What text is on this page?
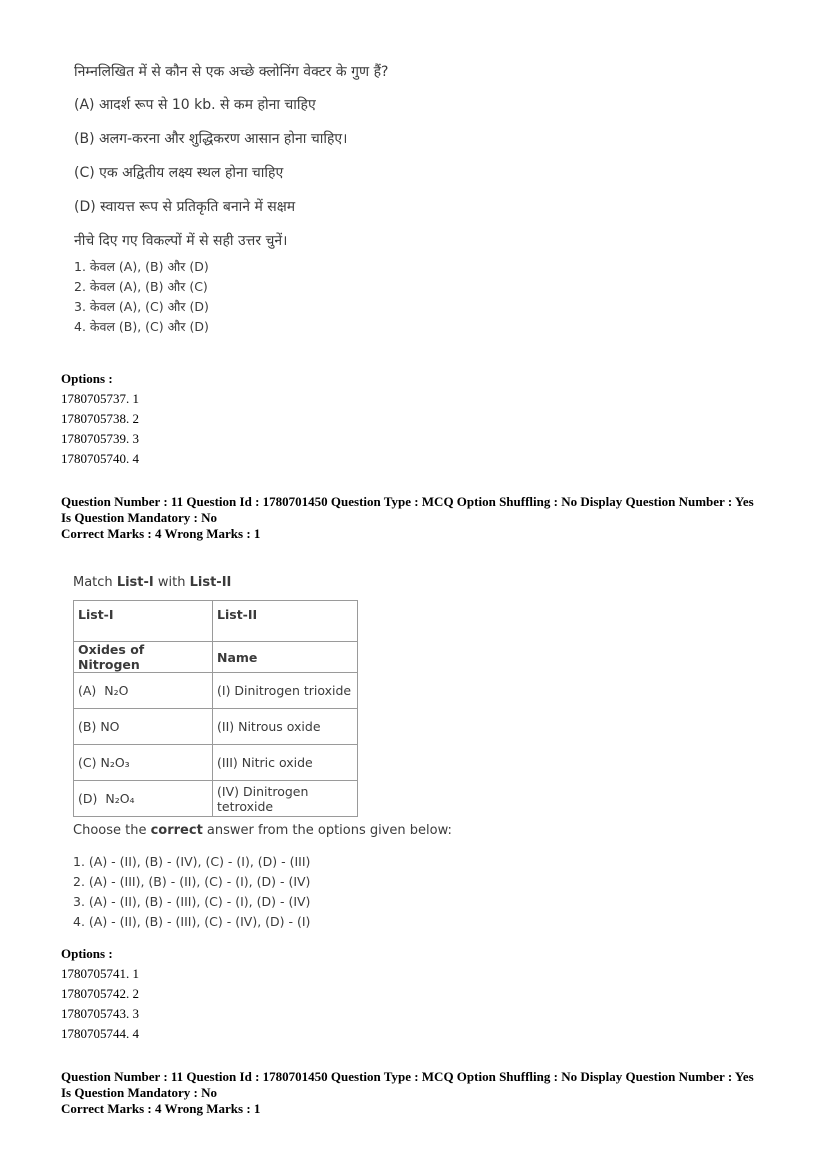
निम्नलिखित में से कौन से एक अच्छे क्लोनिंग वेक्टर के गुण हैं?
(A) आदर्श रूप से 10 kb. से कम होना चाहिए
(B) अलग-करना और शुद्धिकरण आसान होना चाहिए।
(C) एक अद्वितीय लक्ष्य स्थल होना चाहिए
(D) स्वायत्त रूप से प्रतिकृति बनाने में सक्षम
नीचे दिए गए विकल्पों में से सही उत्तर चुनें।
1. केवल (A), (B) और (D)
2. केवल (A), (B) और (C)
3. केवल (A), (C) और (D)
4. केवल (B), (C) और (D)
Options :
1780705737. 1
1780705738. 2
1780705739. 3
1780705740. 4
Question Number : 11 Question Id : 1780701450 Question Type : MCQ Option Shuffling : No Display Question Number : Yes
Is Question Mandatory : No
Correct Marks : 4 Wrong Marks : 1
Match List-I with List-II
List-I	List-II
Oxides of Nitrogen	Name
(A) N₂O	(I) Dinitrogen trioxide
(B) NO	(II) Nitrous oxide
(C) N₂O₃	(III) Nitric oxide
(D) N₂O₄	(IV) Dinitrogen tetroxide
Choose the correct answer from the options given below:
1. (A) - (II), (B) - (IV), (C) - (I), (D) - (III)
2. (A) - (III), (B) - (II), (C) - (I), (D) - (IV)
3. (A) - (II), (B) - (III), (C) - (I), (D) - (IV)
4. (A) - (II), (B) - (III), (C) - (IV), (D) - (I)
Options :
1780705741. 1
1780705742. 2
1780705743. 3
1780705744. 4
Question Number : 11 Question Id : 1780701450 Question Type : MCQ Option Shuffling : No Display Question Number : Yes
Is Question Mandatory : No
Correct Marks : 4 Wrong Marks : 1
